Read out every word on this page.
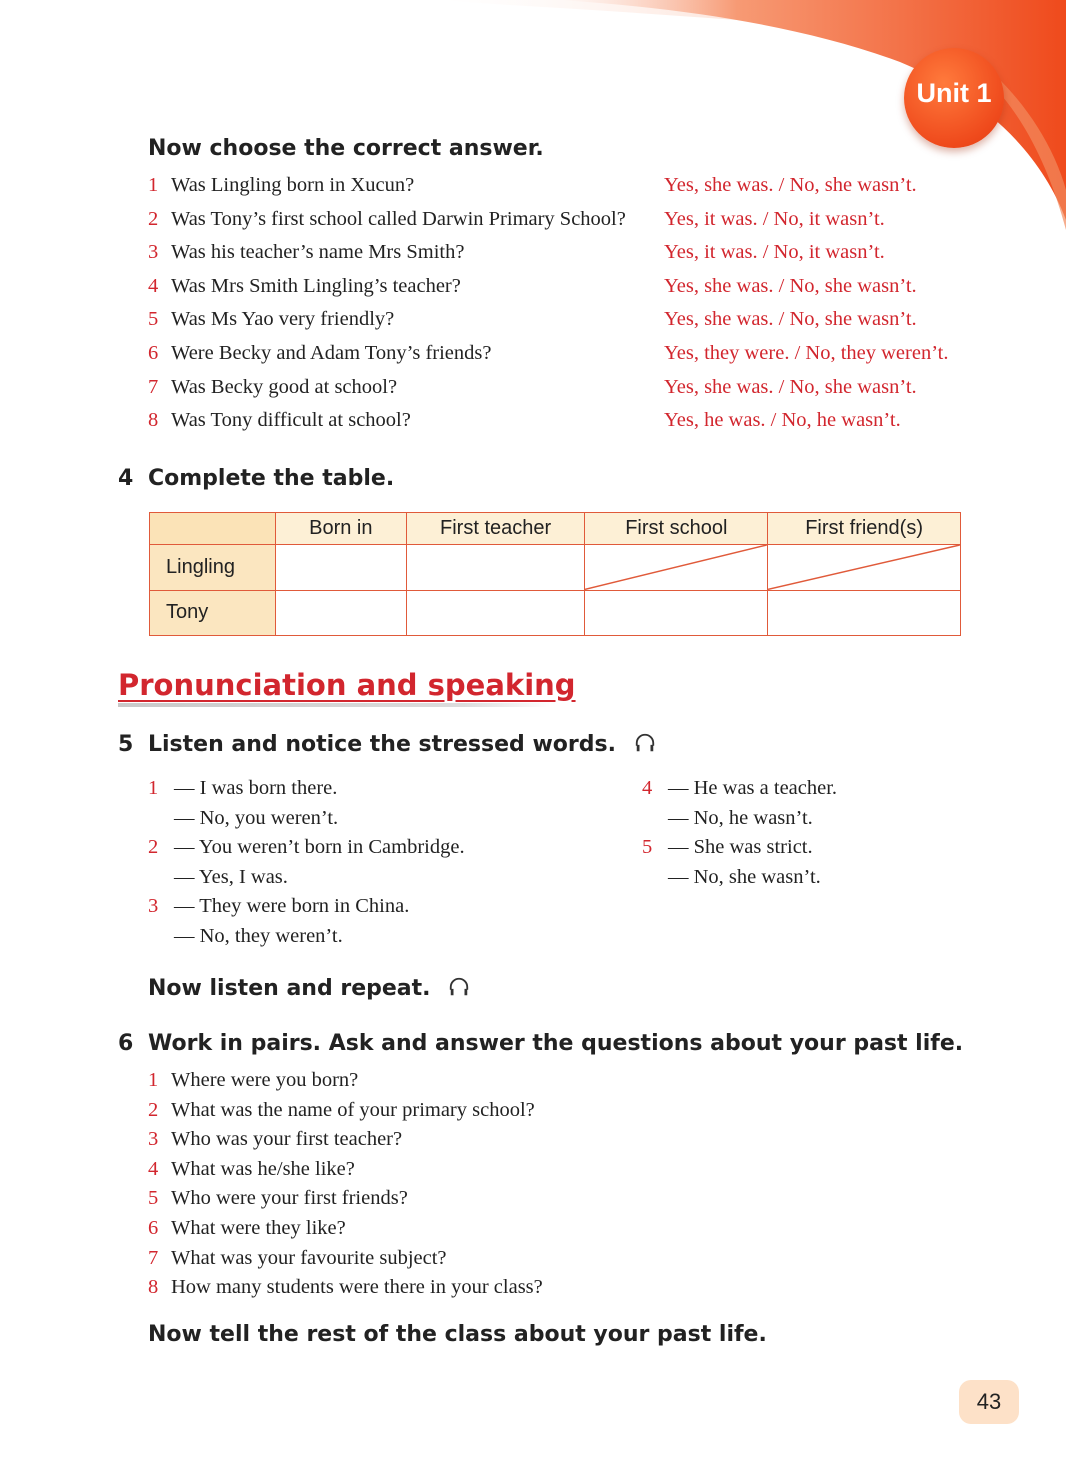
Unit 1
Now choose the correct answer.
1 Was Lingling born in Xucun?	Yes, she was. / No, she wasn’t.
2 Was Tony’s first school called Darwin Primary School? Yes, it was. / No, it wasn’t.
3 Was his teacher’s name Mrs Smith?	Yes, it was. / No, it wasn’t.
4 Was Mrs Smith Lingling’s teacher?	Yes, she was. / No, she wasn’t.
5 Was Ms Yao very friendly?	Yes, she was. / No, she wasn’t.
6 Were Becky and Adam Tony’s friends?	Yes, they were. / No, they weren’t.
7 Was Becky good at school?	Yes, she was. / No, she wasn’t.
8 Was Tony difficult at school?	Yes, he was. / No, he wasn’t.
4 Complete the table.
	Born in	First teacher	First school	First friend(s)
Lingling			

Tony				
Pronunciation and speaking
5 Listen and notice the stressed words.
1 — I was born there.
— No, you weren’t.
2 — You weren’t born in Cambridge.
— Yes, I was.
3 — They were born in China.
— No, they weren’t.
4 — He was a teacher.
— No, he wasn’t.
5 — She was strict.
— No, she wasn’t.
Now listen and repeat.
6 Work in pairs. Ask and answer the questions about your past life.
1 Where were you born?
2 What was the name of your primary school?
3 Who was your first teacher?
4 What was he/she like?
5 Who were your first friends?
6 What were they like?
7 What was your favourite subject?
8 How many students were there in your class?
Now tell the rest of the class about your past life.
43
